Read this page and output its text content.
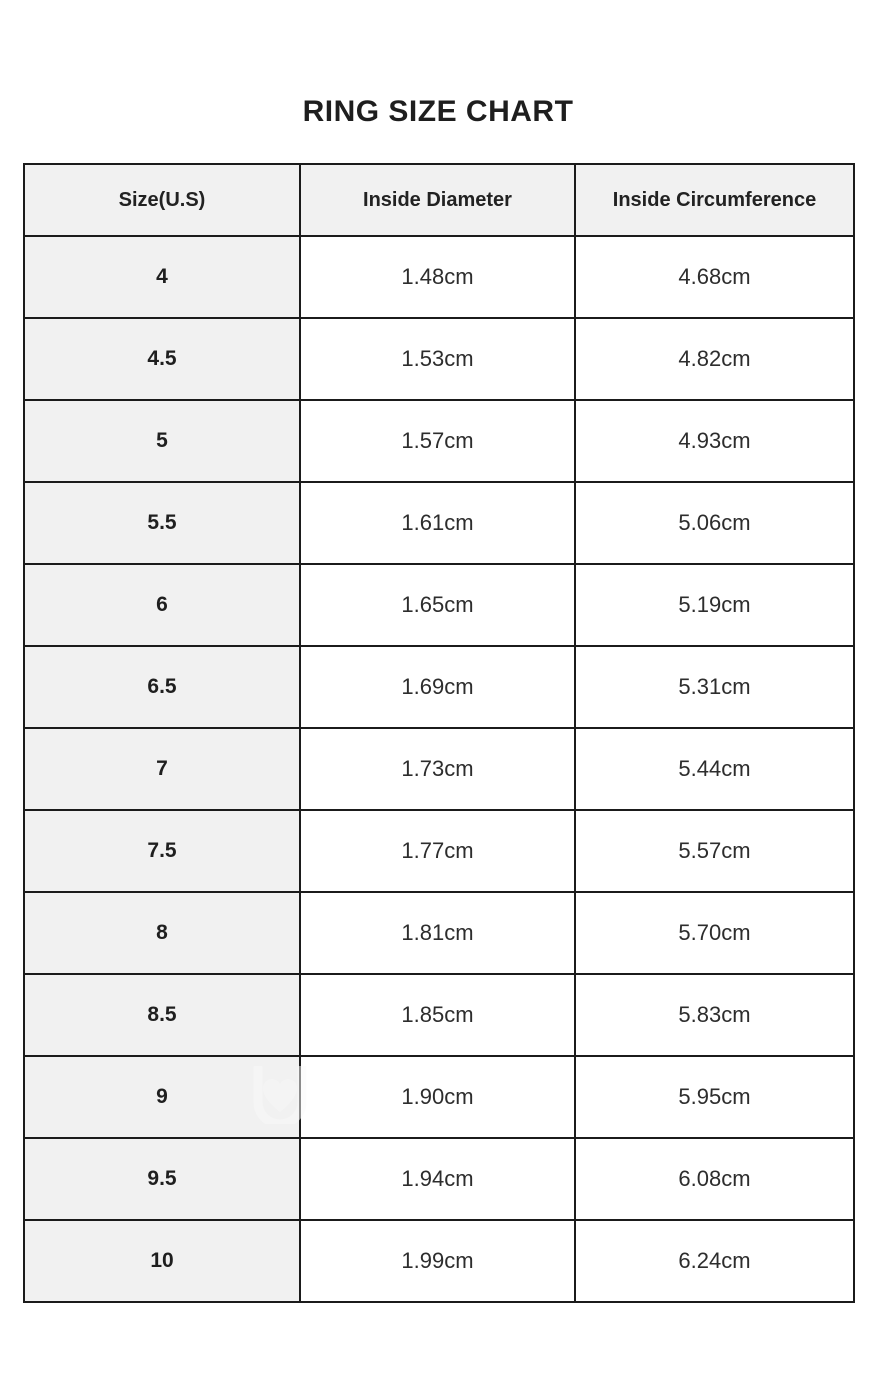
RING SIZE CHART
Size(U.S)	Inside Diameter	Inside Circumference
4	1.48cm	4.68cm
4.5	1.53cm	4.82cm
5	1.57cm	4.93cm
5.5	1.61cm	5.06cm
6	1.65cm	5.19cm
6.5	1.69cm	5.31cm
7	1.73cm	5.44cm
7.5	1.77cm	5.57cm
8	1.81cm	5.70cm
8.5	1.85cm	5.83cm
9	1.90cm	5.95cm
9.5	1.94cm	6.08cm
10	1.99cm	6.24cm
